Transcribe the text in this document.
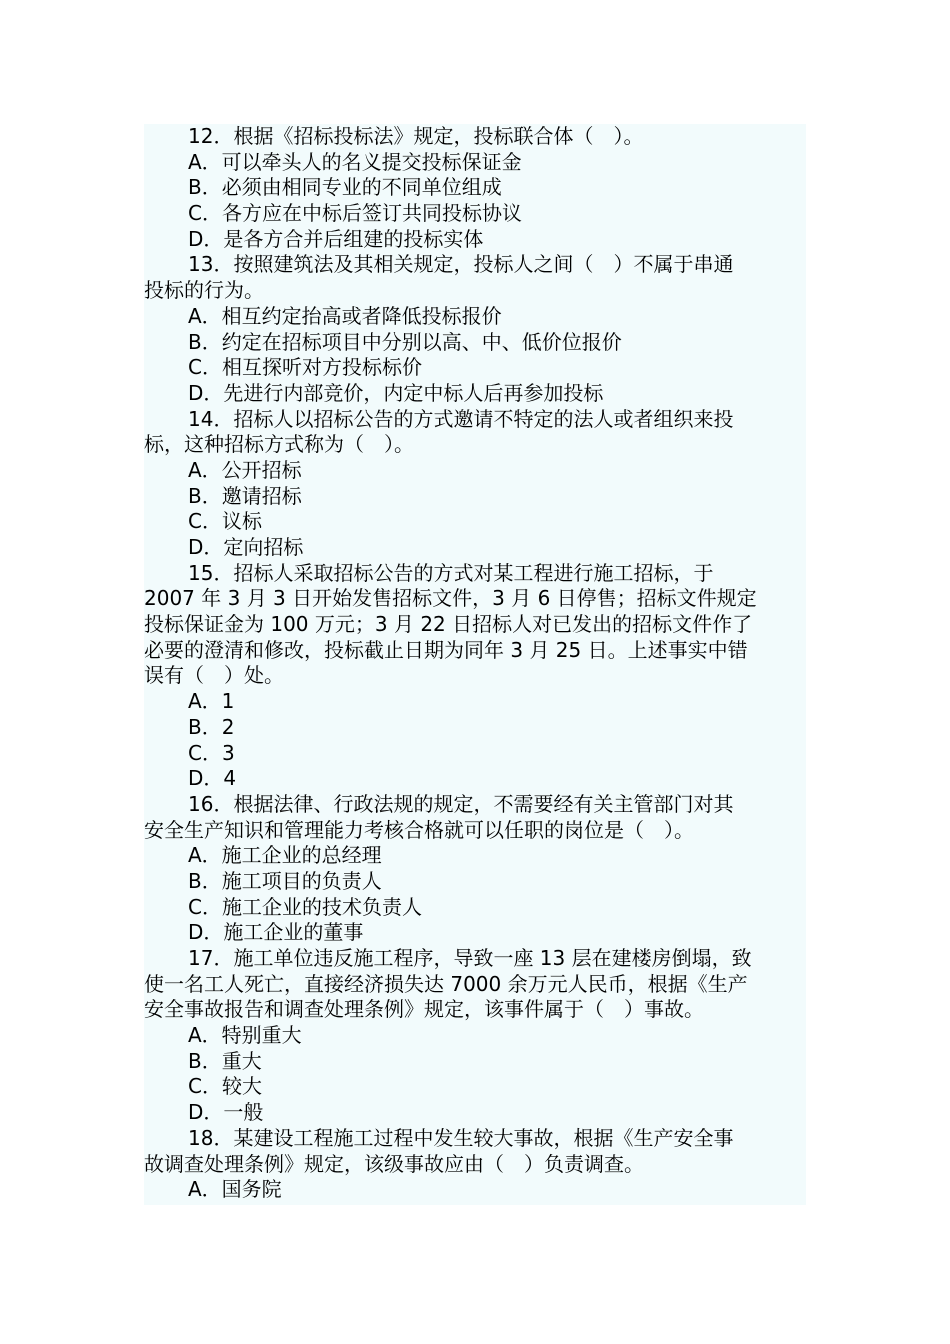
12．根据《招标投标法》规定，投标联合体（　）。
A．可以牵头人的名义提交投标保证金
B．必须由相同专业的不同单位组成
C．各方应在中标后签订共同投标协议
D．是各方合并后组建的投标实体
13．按照建筑法及其相关规定，投标人之间（　）不属于串通
投标的行为。
A．相互约定抬高或者降低投标报价
B．约定在招标项目中分别以高、中、低价位报价
C．相互探听对方投标标价
D．先进行内部竞价，内定中标人后再参加投标
14．招标人以招标公告的方式邀请不特定的法人或者组织来投
标，这种招标方式称为（　）。
A．公开招标
B．邀请招标
C．议标
D．定向招标
15．招标人采取招标公告的方式对某工程进行施工招标，于
2007 年 3 月 3 日开始发售招标文件，3 月 6 日停售；招标文件规定
投标保证金为 100 万元；3 月 22 日招标人对已发出的招标文件作了
必要的澄清和修改，投标截止日期为同年 3 月 25 日。上述事实中错
误有（　）处。
A．1
B．2
C．3
D．4
16．根据法律、行政法规的规定，不需要经有关主管部门对其
安全生产知识和管理能力考核合格就可以任职的岗位是（　）。
A．施工企业的总经理
B．施工项目的负责人
C．施工企业的技术负责人
D．施工企业的董事
17．施工单位违反施工程序，导致一座 13 层在建楼房倒塌，致
使一名工人死亡，直接经济损失达 7000 余万元人民币，根据《生产
安全事故报告和调查处理条例》规定，该事件属于（　）事故。
A．特别重大
B．重大
C．较大
D．一般
18．某建设工程施工过程中发生较大事故，根据《生产安全事
故调查处理条例》规定，该级事故应由（　）负责调查。
A．国务院
